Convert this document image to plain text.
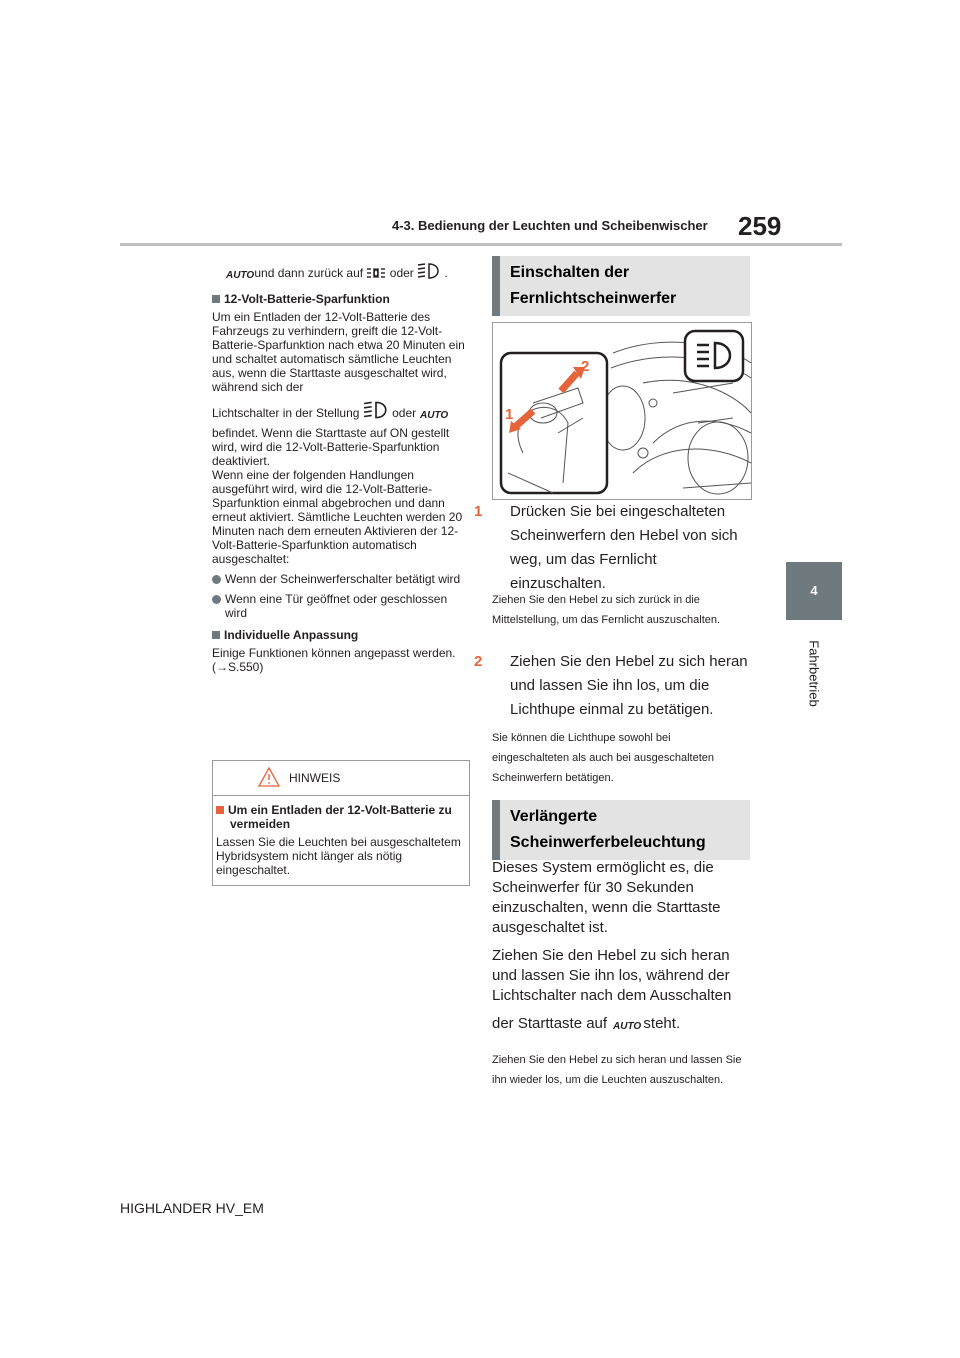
4-3. Bedienung der Leuchten und Scheibenwischer 259
4
Fahrbetrieb

AUTO und dann zurück auf oder	.

12-Volt-Batterie-Sparfunktion

Um ein Entladen der 12-Volt-Batterie des Fahrzeugs zu verhindern, greift die 12-Volt-Batterie-Sparfunktion nach etwa 20 Minuten ein und schaltet automatisch sämtliche Leuchten aus, wenn die Starttaste ausgeschaltet wird, während sich der

Lichtschalter in der Stellung	oder AUTO

befindet. Wenn die Starttaste auf ON gestellt wird, wird die 12-Volt-Batterie-Sparfunktion deaktiviert.

Wenn eine der folgenden Handlungen ausgeführt wird, wird die 12-Volt-Batterie-Sparfunktion einmal abgebrochen und dann erneut aktiviert. Sämtliche Leuchten werden 20 Minuten nach dem erneuten Aktivieren der 12-Volt-Batterie-Sparfunktion automatisch ausgeschaltet:

Wenn der Scheinwerferschalter betätigt wird

Wenn eine Tür geöffnet oder geschlossen wird

Individuelle Anpassung

Einige Funktionen können angepasst werden. (→S.550)

HINWEIS
Um ein Entladen der 12-Volt-Batterie zu vermeiden
Lassen Sie die Leuchten bei ausgeschaltetem Hybridsystem nicht länger als nötig eingeschaltet.
Einschalten der Fernlichtscheinwerfer
2
1
1 Drücken Sie bei eingeschalteten Scheinwerfern den Hebel von sich weg, um das Fernlicht einzuschalten.
Ziehen Sie den Hebel zu sich zurück in die Mittelstellung, um das Fernlicht auszuschalten.
2 Ziehen Sie den Hebel zu sich heran und lassen Sie ihn los, um die Lichthupe einmal zu betätigen.
Sie können die Lichthupe sowohl bei eingeschalteten als auch bei ausgeschalteten Scheinwerfern betätigen.
Verlängerte Scheinwerferbeleuchtung

Dieses System ermöglicht es, die Scheinwerfer für 30 Sekunden einzuschalten, wenn die Starttaste ausgeschaltet ist.

Ziehen Sie den Hebel zu sich heran und lassen Sie ihn los, während der Lichtschalter nach dem Ausschalten

der Starttaste auf AUTO steht.

Ziehen Sie den Hebel zu sich heran und lassen Sie ihn wieder los, um die Leuchten auszuschalten.

HIGHLANDER HV_EM
